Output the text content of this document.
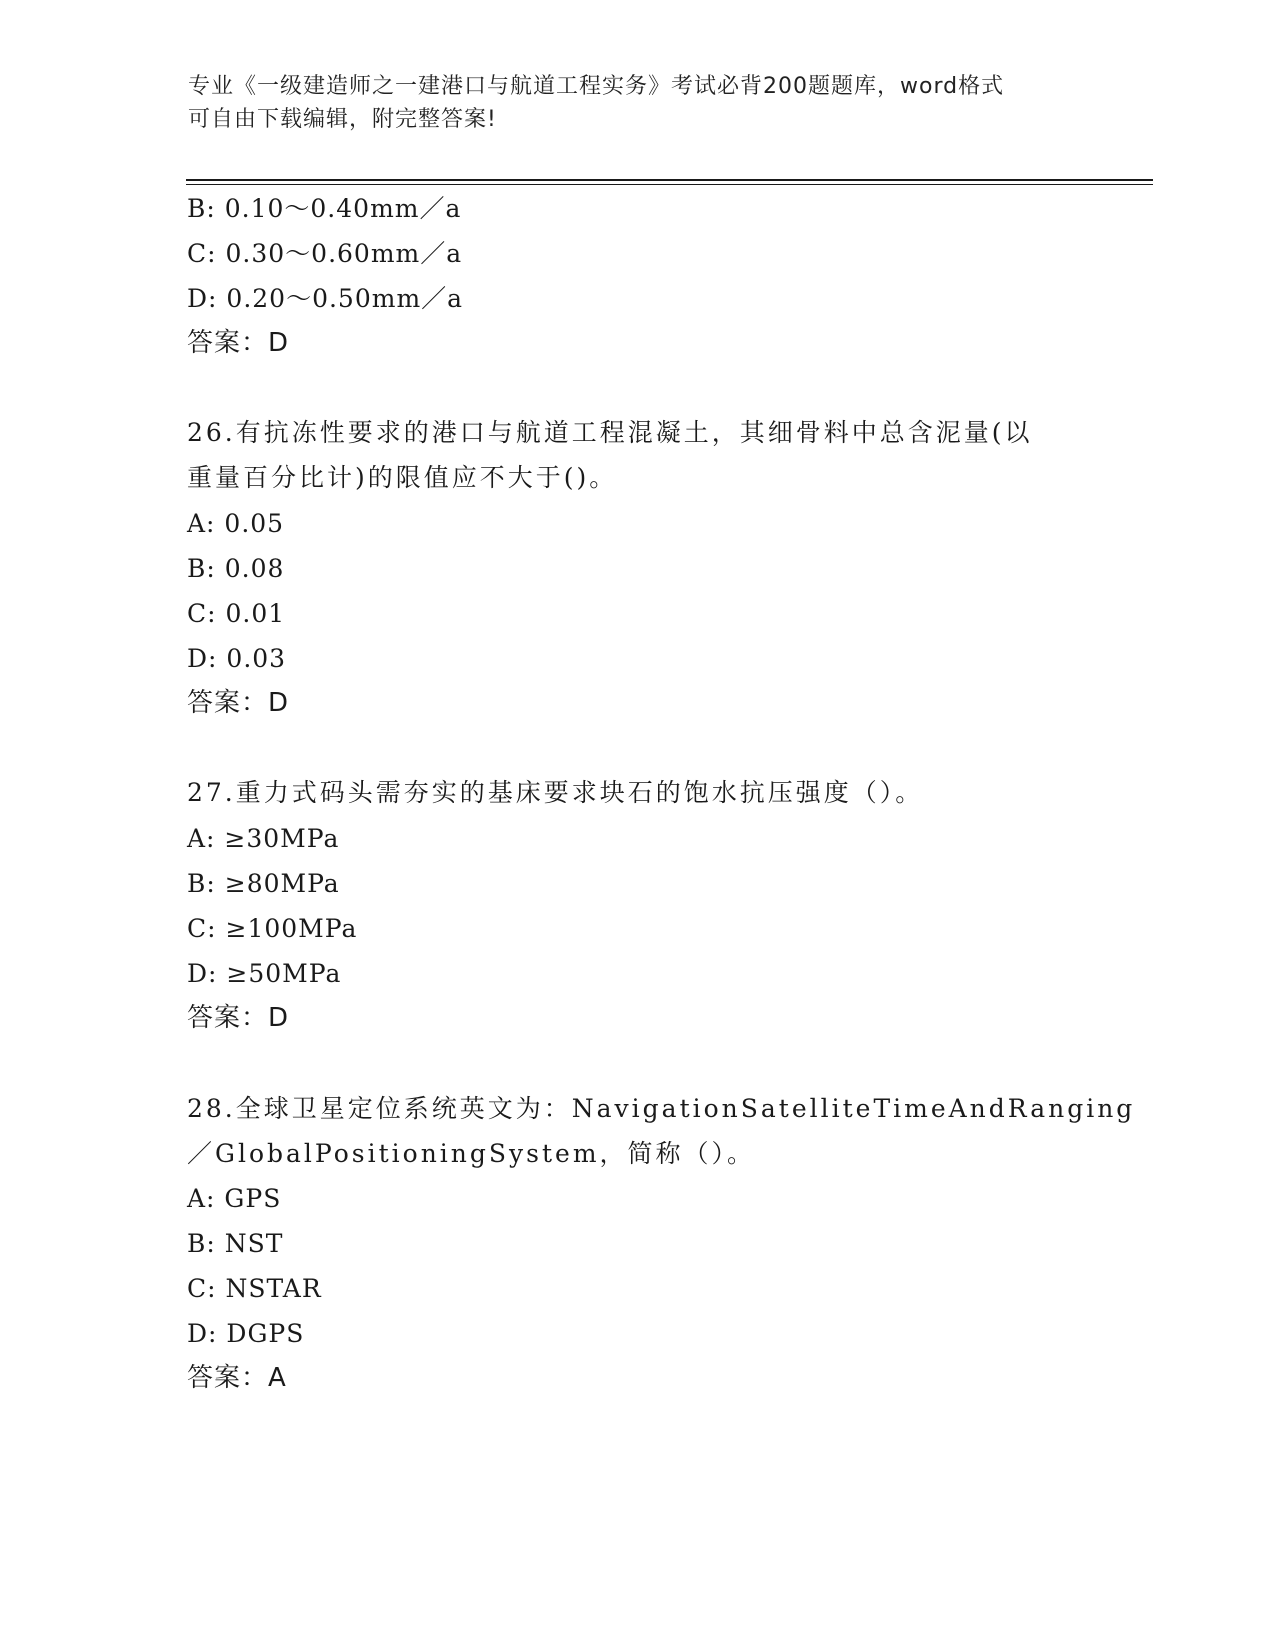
专业《一级建造师之一建港口与航道工程实务》考试必背200题题库，word格式
可自由下载编辑，附完整答案!
B: 0.10～0.40mm／a
C: 0.30～0.60mm／a
D: 0.20～0.50mm／a
答案：D
26.有抗冻性要求的港口与航道工程混凝土，其细骨料中总含泥量(以
重量百分比计)的限值应不大于()。
A: 0.05
B: 0.08
C: 0.01
D: 0.03
答案：D
27.重力式码头需夯实的基床要求块石的饱水抗压强度（）。
A: ≥30MPa
B: ≥80MPa
C: ≥100MPa
D: ≥50MPa
答案：D
28.全球卫星定位系统英文为：NavigationSatelliteTimeAndRanging
／GlobalPositioningSystem，简称（）。
A: GPS
B: NST
C: NSTAR
D: DGPS
答案：A
